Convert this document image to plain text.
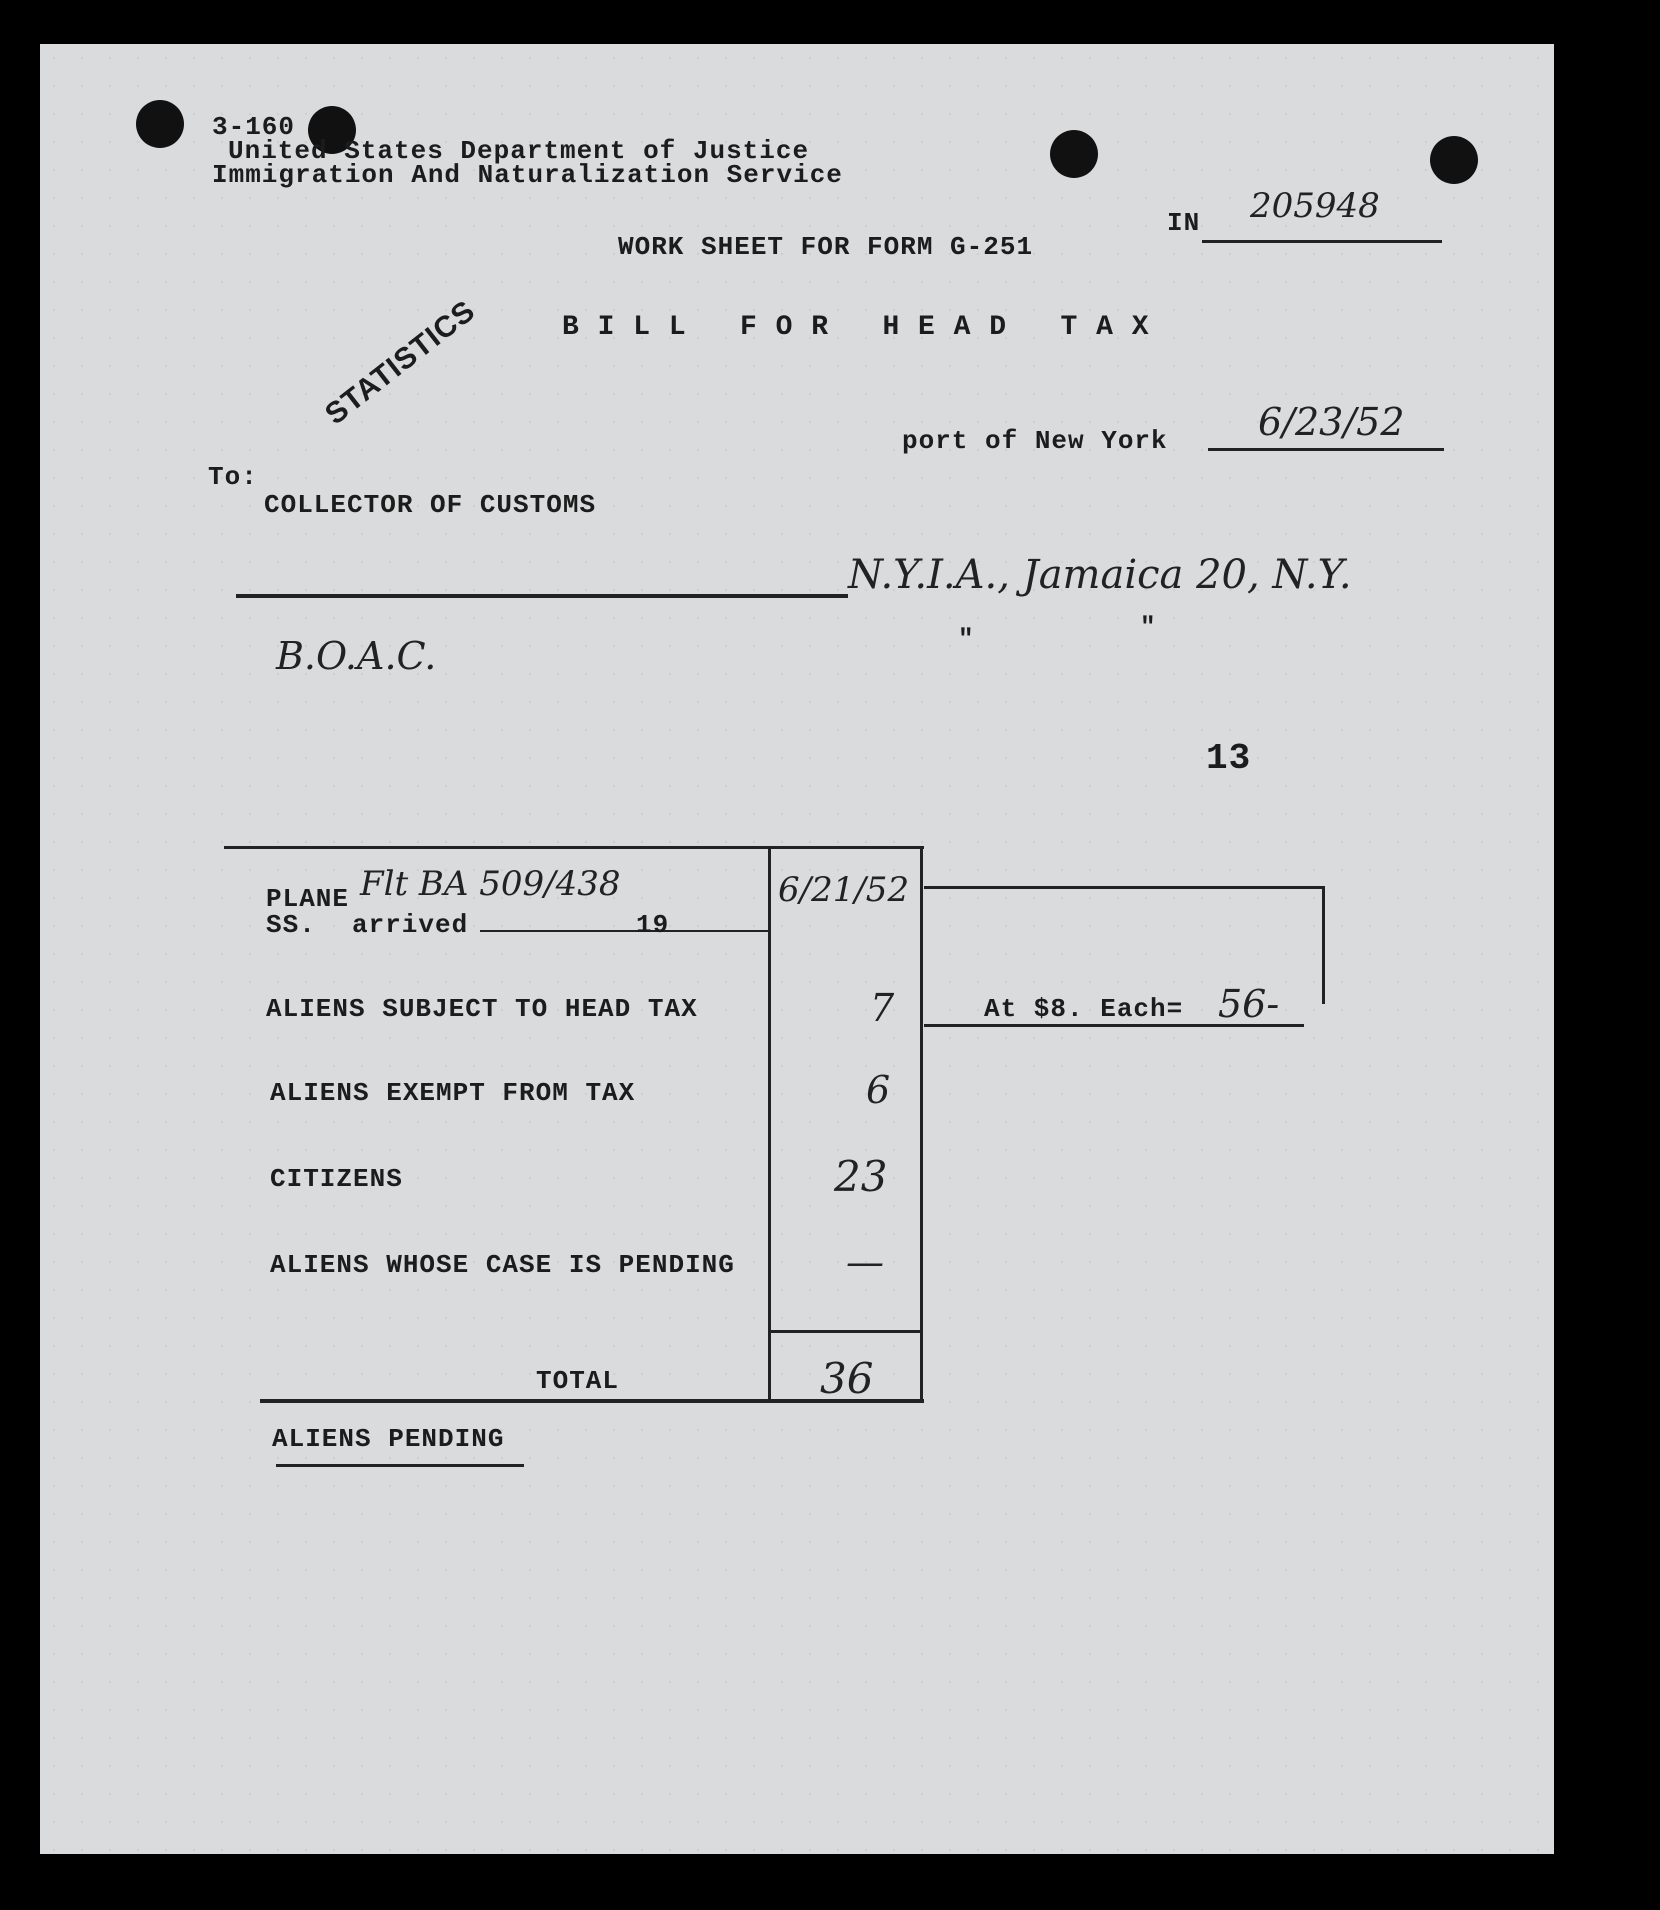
3-160
United States Department of Justice
Immigration And Naturalization Service
WORK SHEET FOR FORM G-251
IN 205948
STATISTICS	B I L L   F O R   H E A D   T A X
port of New York 6/23/52
To:
COLLECTOR OF CUSTOMS
N.Y.I.A., Jamaica 20, N.Y.
B.O.A.C.	"	"
13
PLANE Flt BA 509/438	6/21/52
SS. arrived	19
ALIENS SUBJECT TO HEAD TAX	7	At $8. Each= 56-
ALIENS EXEMPT FROM TAX	6
CITIZENS	23
ALIENS WHOSE CASE IS PENDING	—
TOTAL	36
ALIENS PENDING
